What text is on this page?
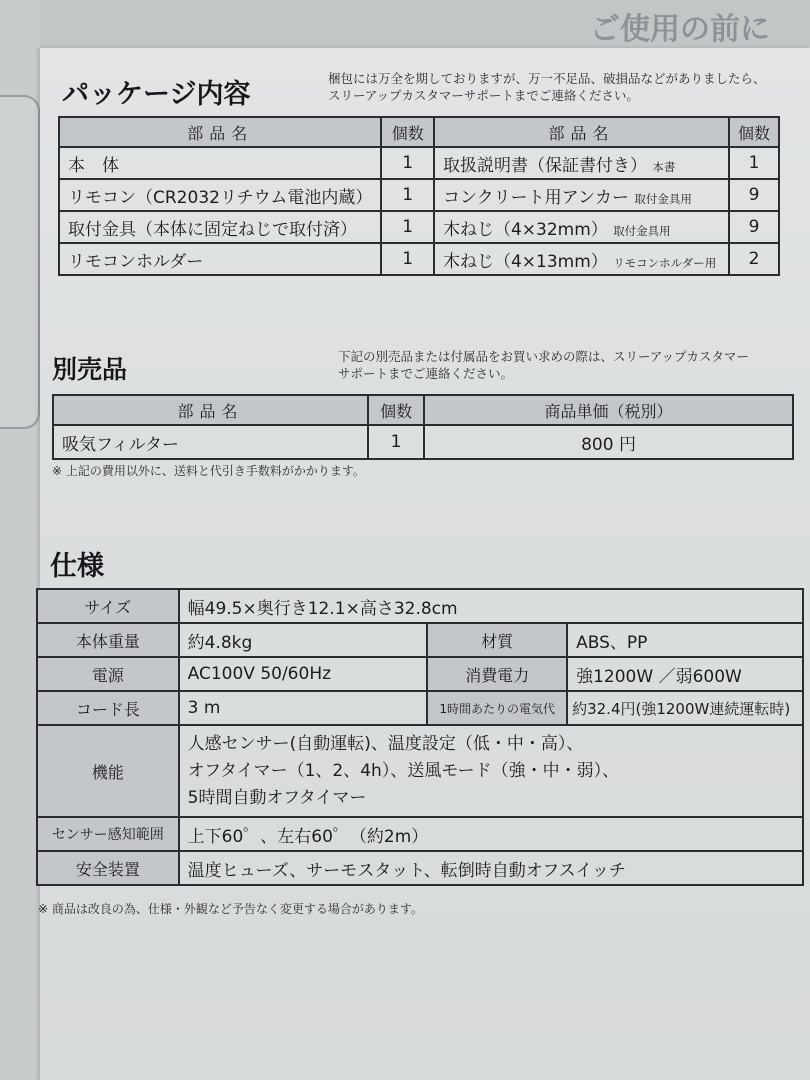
ご使用の前に
パッケージ内容
梱包には万全を期しておりますが、万一不足品、破損品などがありましたら、
スリーアップカスタマーサポートまでご連絡ください。
部品名	個数	部品名	個数
本　体	1	取扱説明書（保証書付き） 本書	1
リモコン（CR2032リチウム電池内蔵）	1	コンクリート用アンカー 取付金具用	9
取付金具（本体に固定ねじで取付済）	1	木ねじ（4×32mm） 取付金具用	9
リモコンホルダー	1	木ねじ（4×13mm） リモコンホルダー用	2
別売品	下記の別売品または付属品をお買い求めの際は、スリーアップカスタマー
サポートまでご連絡ください。
部品名	個数	商品単価（税別）
吸気フィルター	1	800 円
※ 上記の費用以外に、送料と代引き手数料がかかります。
仕様
サイズ	幅49.5×奥行き12.1×高さ32.8cm		
本体重量	約4.8kg	材質	ABS、PP
電源	AC100V 50/60Hz	消費電力	強1200W ／弱600W
コード長	3 m	1時間あたりの電気代	約32.4円(強1200W連続運転時)
機能	人感センサー(自動運転)、温度設定（低・中・高）、
オフタイマー（1、2、4h）、送風モード（強・中・弱）、
5時間自動オフタイマー		

センサー感知範囲	上下60゜、左右60゜（約2m）		
安全装置	温度ヒューズ、サーモスタット、転倒時自動オフスイッチ		
※ 商品は改良の為、仕様・外観など予告なく変更する場合があります。
